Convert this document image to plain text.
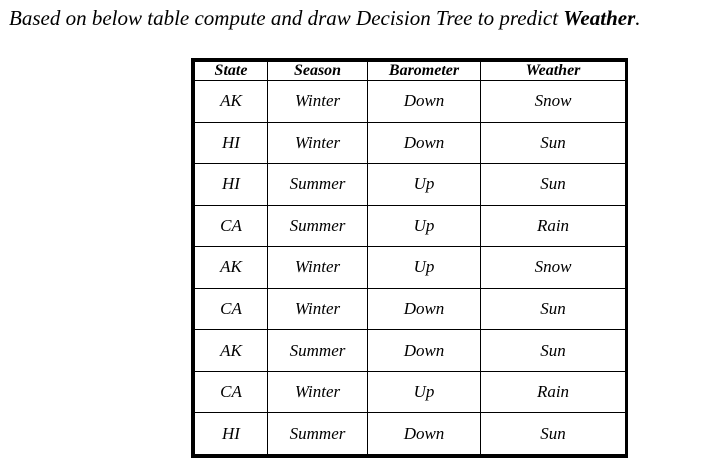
Based on below table compute and draw Decision Tree to predict Weather.
State	Season	Barometer	Weather
AK	Winter	Down	Snow
HI	Winter	Down	Sun
HI	Summer	Up	Sun
CA	Summer	Up	Rain
AK	Winter	Up	Snow
CA	Winter	Down	Sun
AK	Summer	Down	Sun
CA	Winter	Up	Rain
HI	Summer	Down	Sun
